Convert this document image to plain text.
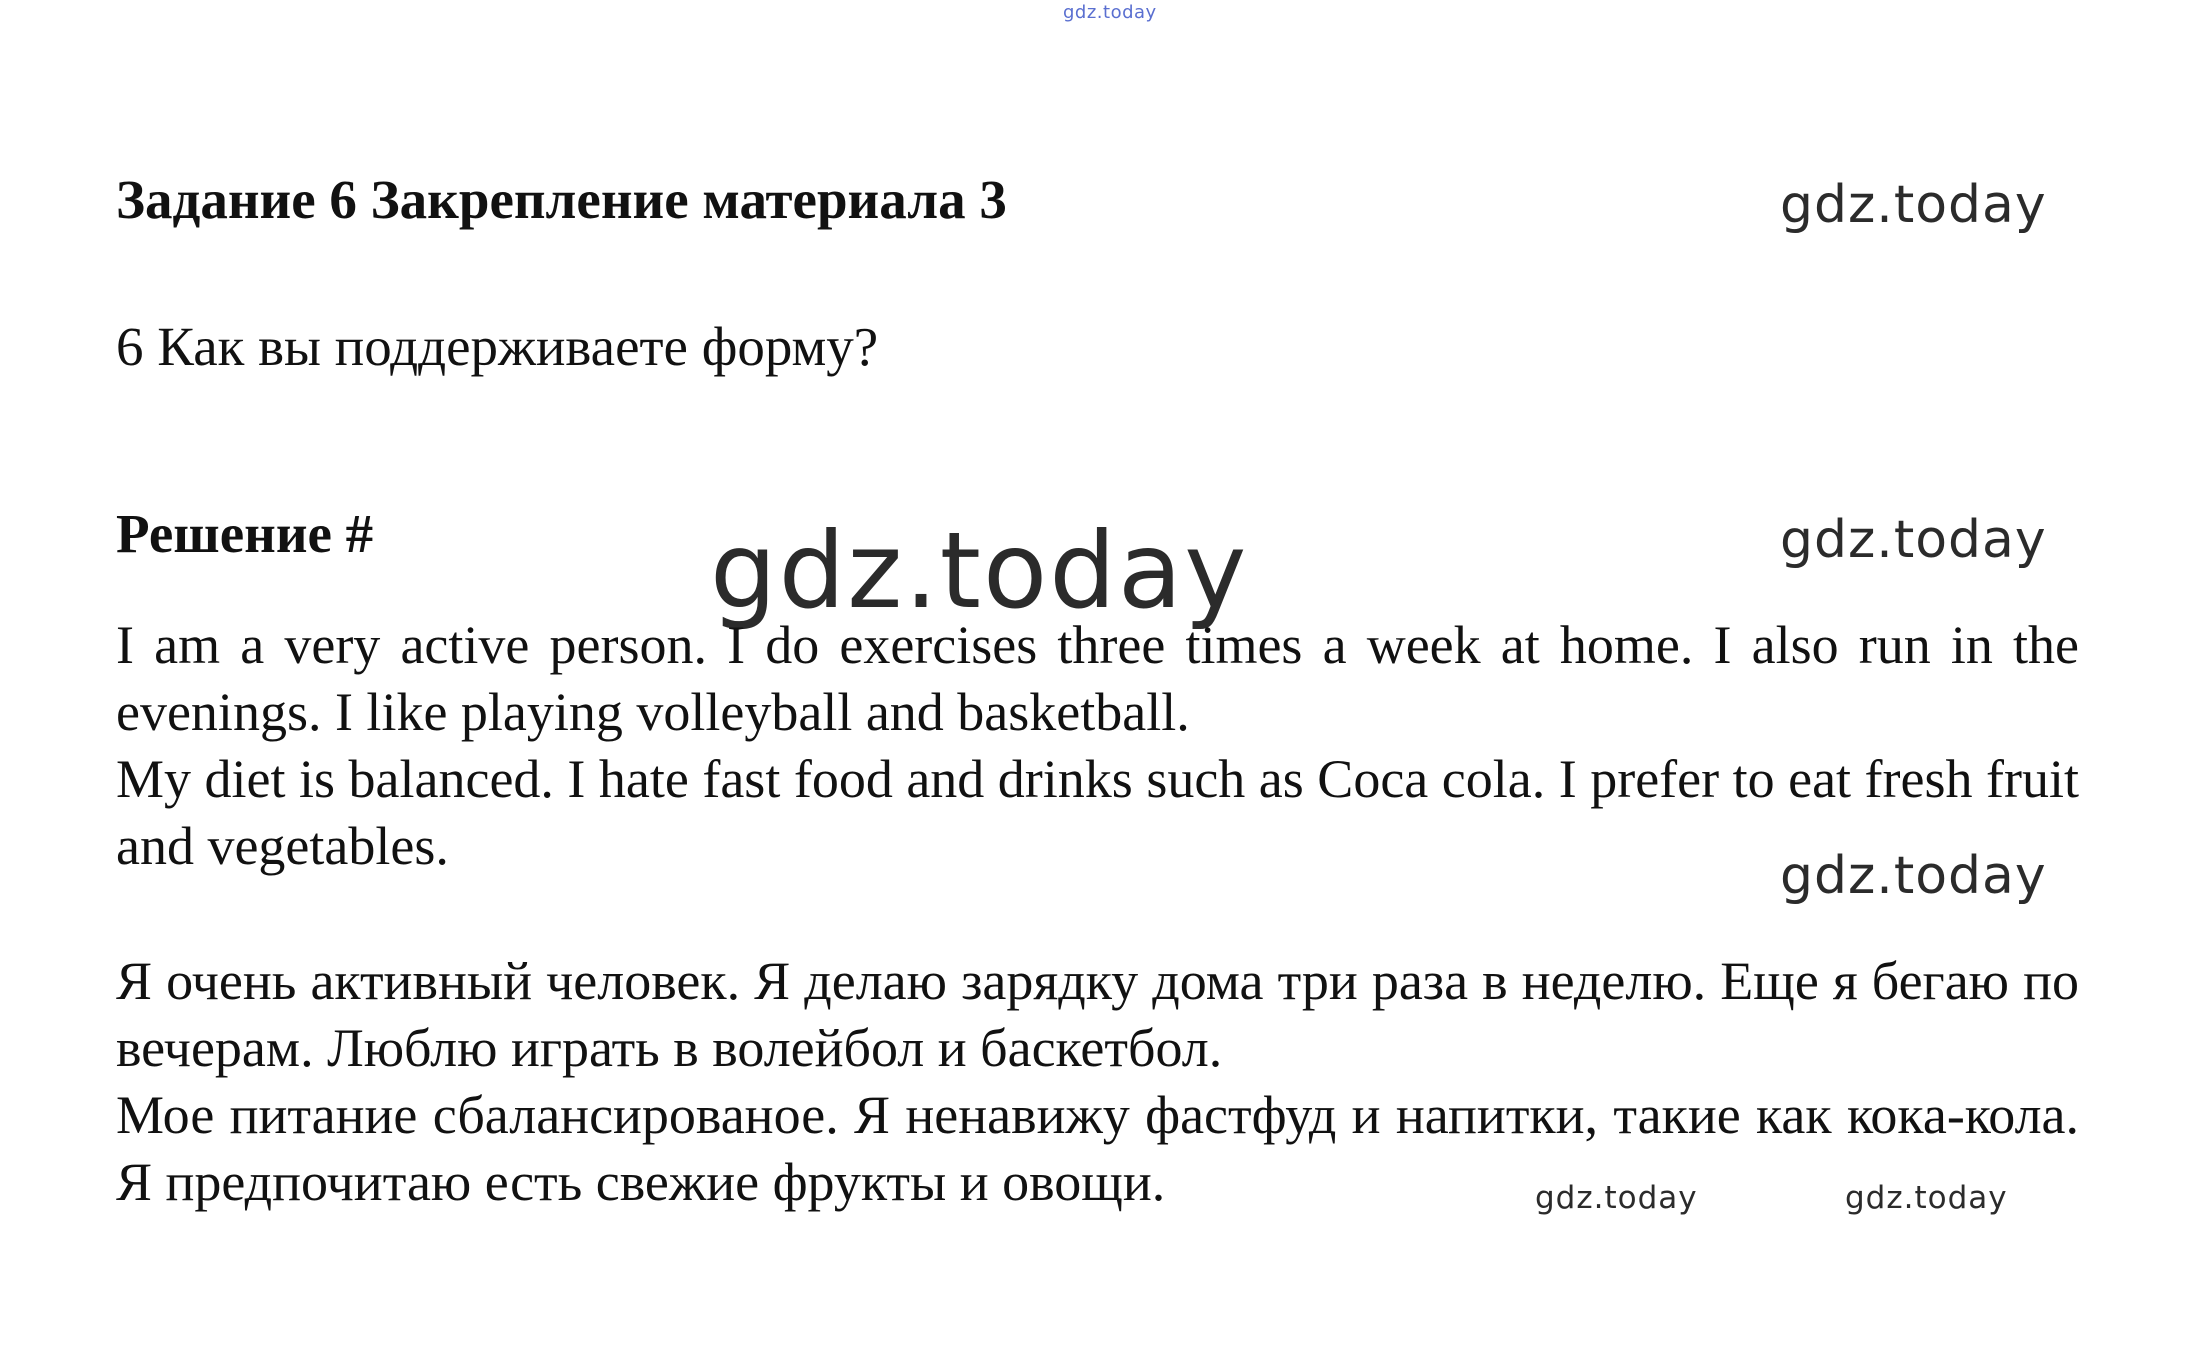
gdz.today
Задание 6 Закрепление материала 3	gdz.today

6 Как вы поддерживаете форму?

Решение #	gdz.today
gdz.today

I am a very active person. I do exercises three times a week at home. I also run in the evenings. I like playing volleyball and basketball.

My diet is balanced. I hate fast food and drinks such as Coca cola. I prefer to eat fresh fruit and vegetables.	gdz.today

Я очень активный человек. Я делаю зарядку дома три раза в неделю. Еще я бегаю по вечерам. Люблю играть в волейбол и баскетбол.

Мое питание сбалансированое. Я ненавижу фастфуд и напитки, такие как кока-кола. Я предпочитаю есть свежие фрукты и овощи.	gdz.today	gdz.today
